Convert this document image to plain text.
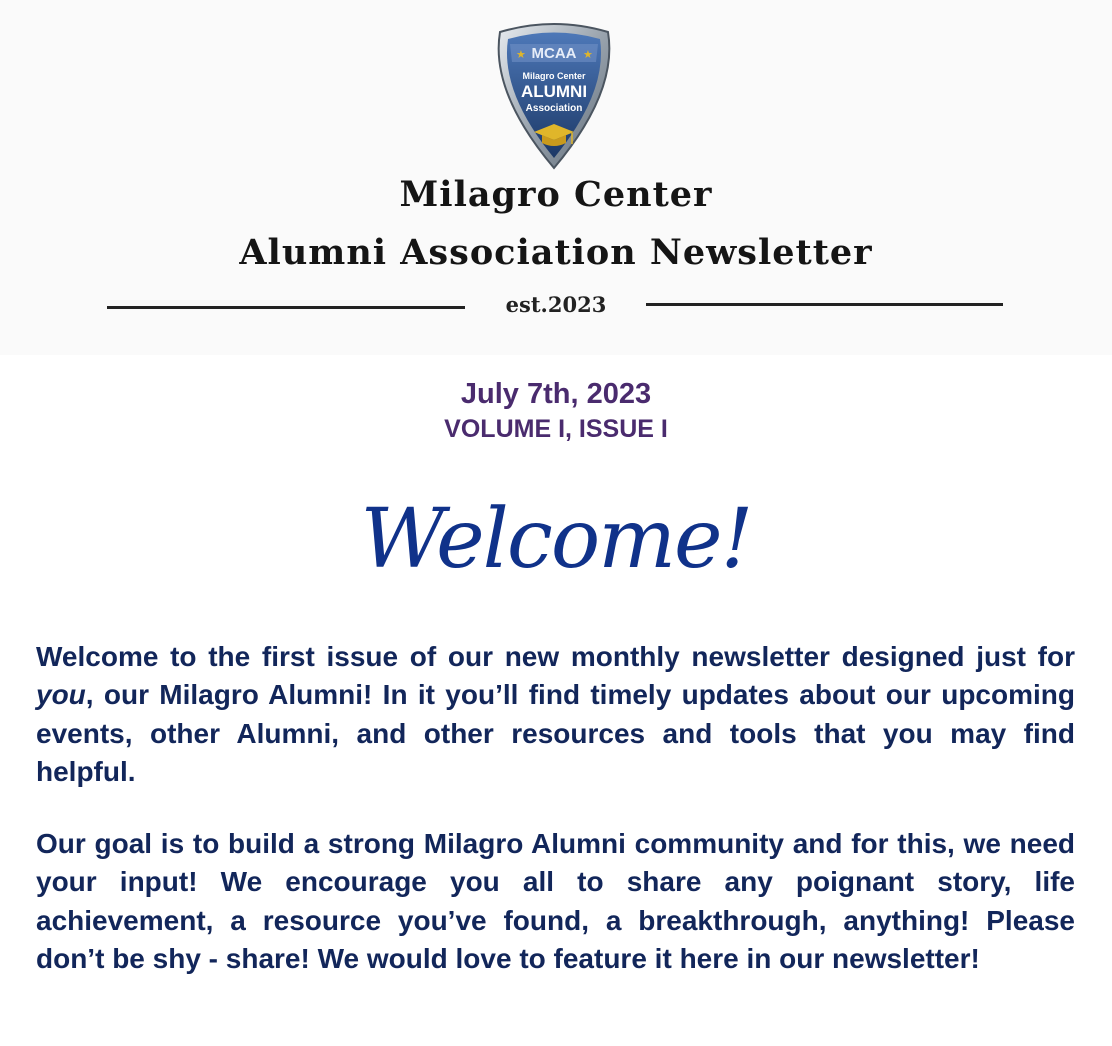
MCAA
★	★
Milagro Center
ALUMNI
Association
Milagro Center
Alumni Association Newsletter
est.2023
July 7th, 2023
VOLUME I, ISSUE I
Welcome!

Welcome to the first issue of our new monthly newsletter designed just for you, our Milagro Alumni! In it you’ll find timely updates about our upcoming events, other Alumni, and other resources and tools that you may find helpful.

Our goal is to build a strong Milagro Alumni community and for this, we need your input! We encourage you all to share any poignant story, life achievement, a resource you’ve found, a breakthrough, anything! Please don’t be shy - share! We would love to feature it here in our newsletter!
